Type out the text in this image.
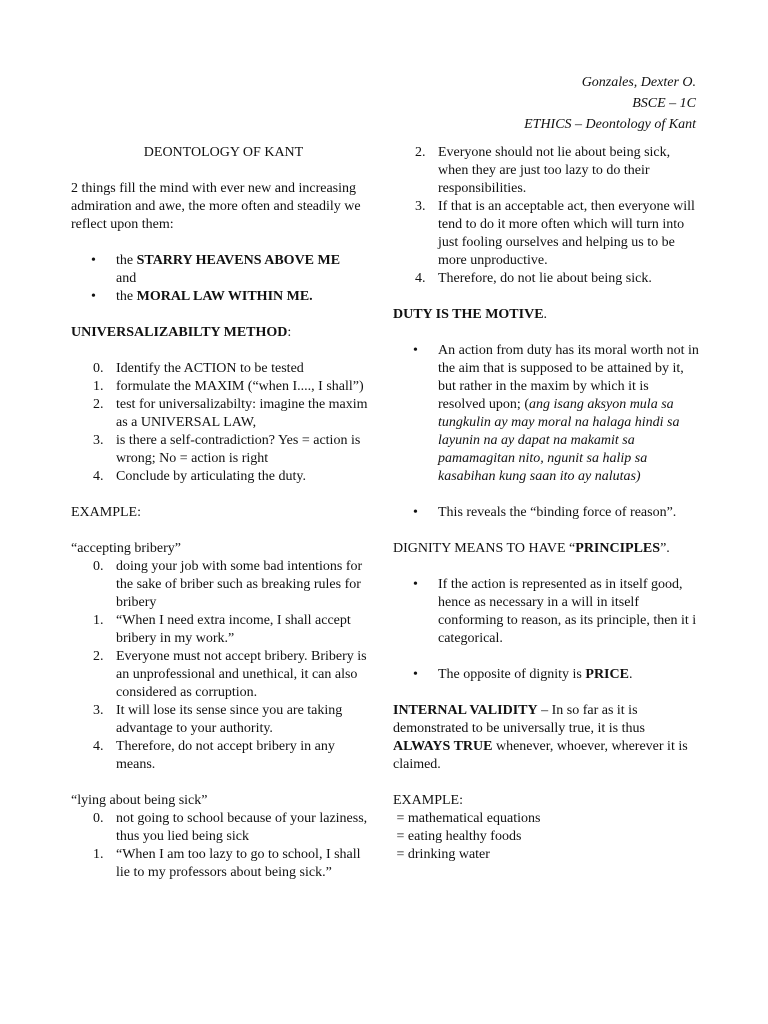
Gonzales, Dexter O.
BSCE – 1C
ETHICS – Deontology of Kant

DEONTOLOGY OF KANT

2 things fill the mind with ever new and increasing admiration and awe, the more often and steadily we reflect upon them:

• the STARRY HEAVENS ABOVE ME
and
• the MORAL LAW WITHIN ME.

UNIVERSALIZABILTY METHOD:

0. Identify the ACTION to be tested
1. formulate the MAXIM (“when I...., I shall”)
2. test for universalizabilty: imagine the maxim as a UNIVERSAL LAW,
3. is there a self-contradiction? Yes = action is wrong; No = action is right
4. Conclude by articulating the duty.

EXAMPLE:

“accepting bribery”

0. doing your job with some bad intentions for the sake of briber such as breaking rules for bribery
1. “When I need extra income, I shall accept bribery in my work.”
2. Everyone must not accept bribery. Bribery is an unprofessional and unethical, it can also considered as corruption.
3. It will lose its sense since you are taking advantage to your authority.
4. Therefore, do not accept bribery in any means.

“lying about being sick”

0. not going to school because of your laziness, thus you lied being sick
1. “When I am too lazy to go to school, I shall lie to my professors about being sick.”
2. Everyone should not lie about being sick, when they are just too lazy to do their responsibilities.
3. If that is an acceptable act, then everyone will tend to do it more often which will turn into just fooling ourselves and helping us to be more unproductive.
4. Therefore, do not lie about being sick.

DUTY IS THE MOTIVE.

• An action from duty has its moral worth not in the aim that is supposed to be attained by it, but rather in the maxim by which it is resolved upon; (ang isang aksyon mula sa tungkulin ay may moral na halaga hindi sa layunin na ay dapat na makamit sa pamamagitan nito, ngunit sa halip sa kasabihan kung saan ito ay nalutas)
• This reveals the “binding force of reason”.

DIGNITY MEANS TO HAVE “PRINCIPLES”.

• If the action is represented as in itself good, hence as necessary in a will in itself conforming to reason, as its principle, then it i categorical.
• The opposite of dignity is PRICE.

INTERNAL VALIDITY – In so far as it is demonstrated to be universally true, it is thus ALWAYS TRUE whenever, whoever, wherever it is claimed.

EXAMPLE:

= mathematical equations

= eating healthy foods

= drinking water
